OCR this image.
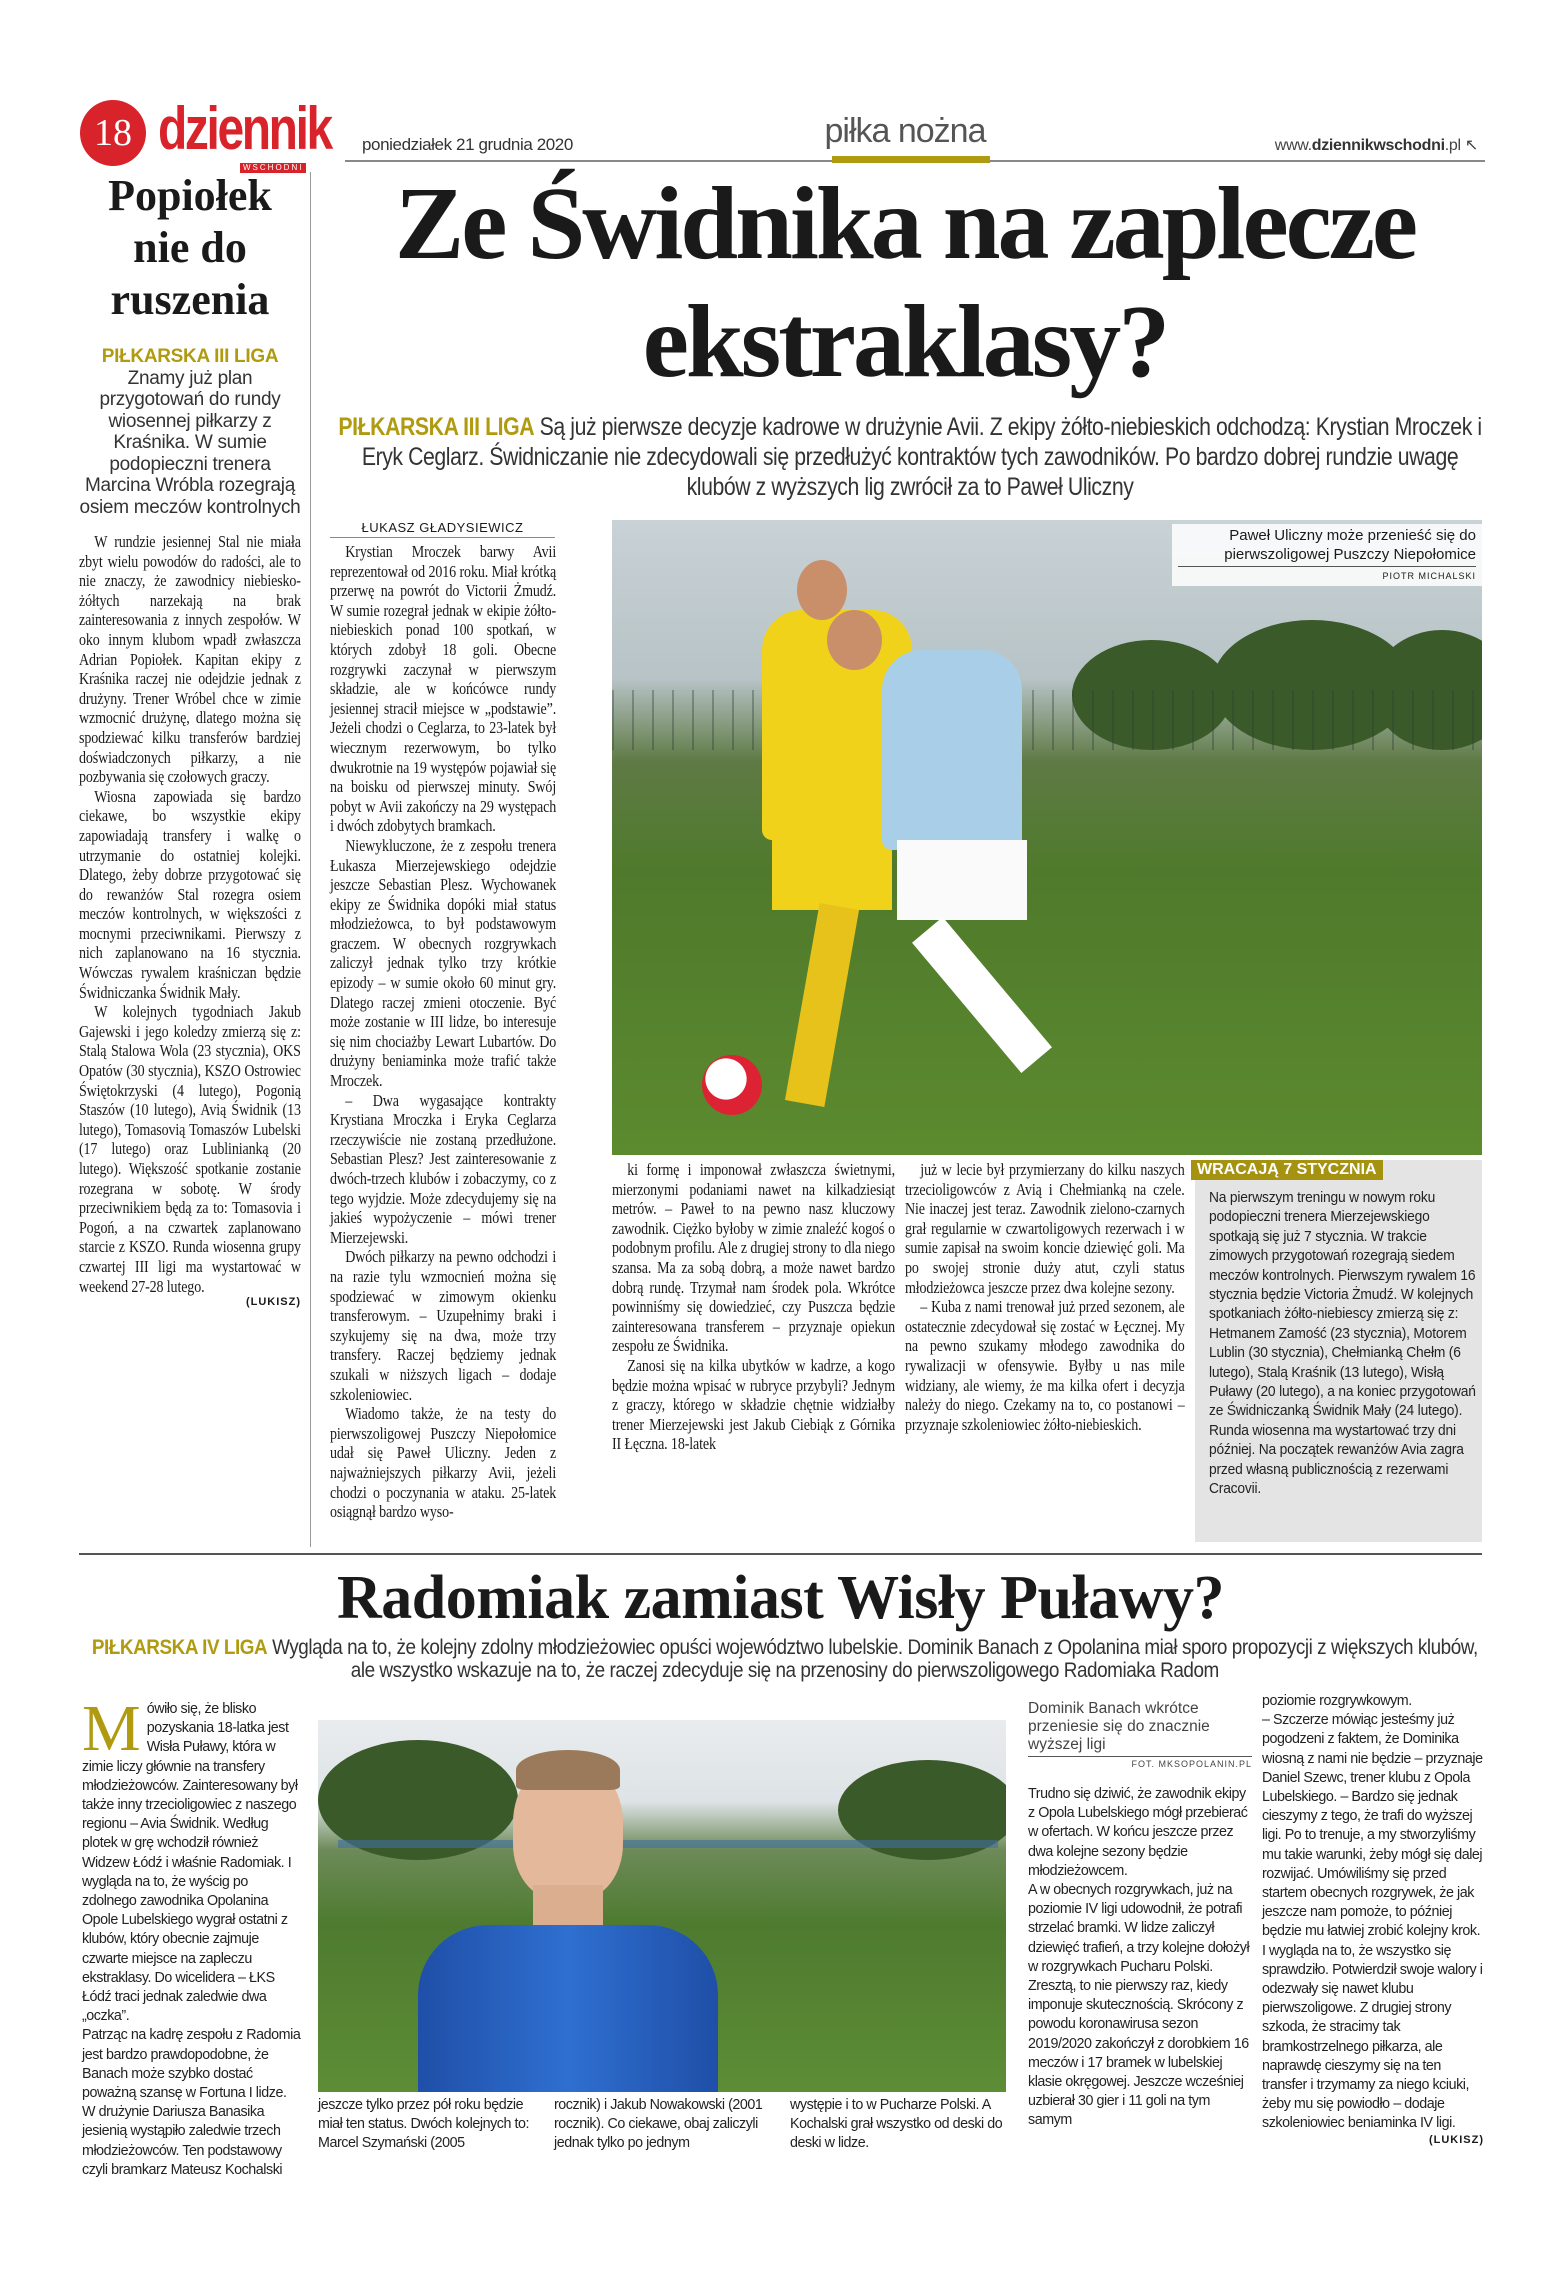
18 dziennik
WSCHODNI
poniedziałek 21 grudnia 2020	piłka nożna	www.dziennikwschodni.pl ↖
Popiołek nie do ruszenia
PIŁKARSKA III LIGA
Znamy już plan przygotowań do rundy wiosennej piłkarzy z Kraśnika. W sumie podopieczni trenera Marcina Wróbla rozegrają osiem meczów kontrolnych

W rundzie jesiennej Stal nie miała zbyt wielu powodów do radości, ale to nie znaczy, że zawodnicy niebiesko-żółtych narzekają na brak zainteresowania z innych zespołów. W oko innym klubom wpadł zwłaszcza Adrian Popiołek. Kapitan ekipy z Kraśnika raczej nie odejdzie jednak z drużyny. Trener Wróbel chce w zimie wzmocnić drużynę, dlatego można się spodziewać kilku transferów bardziej doświadczonych piłkarzy, a nie pozbywania się czołowych graczy.

Wiosna zapowiada się bardzo ciekawe, bo wszystkie ekipy zapowiadają transfery i walkę o utrzymanie do ostatniej kolejki. Dlatego, żeby dobrze przygotować się do rewanżów Stal rozegra osiem meczów kontrolnych, w większości z mocnymi przeciwnikami. Pierwszy z nich zaplanowano na 16 stycznia. Wówczas rywalem kraśniczan będzie Świdniczanka Świdnik Mały.

W kolejnych tygodniach Jakub Gajewski i jego koledzy zmierzą się z: Stalą Stalowa Wola (23 stycznia), OKS Opatów (30 stycznia), KSZO Ostrowiec Świętokrzyski (4 lutego), Pogonią Staszów (10 lutego), Avią Świdnik (13 lutego), Tomasovią Tomaszów Lubelski (17 lutego) oraz Lublinianką (20 lutego). Większość spotkanie zostanie rozegrana w sobotę. W środy przeciwnikiem będą za to: Tomasovia i Pogoń, a na czwartek zaplanowano starcie z KSZO. Runda wiosenna grupy czwartej III ligi ma wystartować w weekend 27-28 lutego.

(LUKISZ)
Ze Świdnika na zaplecze ekstraklasy?
PIŁKARSKA III LIGA Są już pierwsze decyzje kadrowe w drużynie Avii. Z ekipy żółto-niebieskich odchodzą: Krystian Mroczek i Eryk Ceglarz. Świdniczanie nie zdecydowali się przedłużyć kontraktów tych zawodników. Po bardzo dobrej rundzie uwagę klubów z wyższych lig zwrócił za to Paweł Uliczny
ŁUKASZ GŁADYSIEWICZ

Krystian Mroczek barwy Avii reprezentował od 2016 roku. Miał krótką przerwę na powrót do Victorii Żmudź. W sumie rozegrał jednak w ekipie żółto-niebieskich ponad 100 spotkań, w których zdobył 18 goli. Obecne rozgrywki zaczynał w pierwszym składzie, ale w końcówce rundy jesiennej stracił miejsce w „podstawie”. Jeżeli chodzi o Ceglarza, to 23-latek był wiecznym rezerwowym, bo tylko dwukrotnie na 19 występów pojawiał się na boisku od pierwszej minuty. Swój pobyt w Avii zakończy na 29 występach i dwóch zdobytych bramkach.

Niewykluczone, że z zespołu trenera Łukasza Mierzejewskiego odejdzie jeszcze Sebastian Plesz. Wychowanek ekipy ze Świdnika dopóki miał status młodzieżowca, to był podstawowym graczem. W obecnych rozgrywkach zaliczył jednak tylko trzy krótkie epizody – w sumie około 60 minut gry. Dlatego raczej zmieni otoczenie. Być może zostanie w III lidze, bo interesuje się nim chociażby Lewart Lubartów. Do drużyny beniaminka może trafić także Mroczek.

– Dwa wygasające kontrakty Krystiana Mroczka i Eryka Ceglarza rzeczywiście nie zostaną przedłużone. Sebastian Plesz? Jest zainteresowanie z dwóch-trzech klubów i zobaczymy, co z tego wyjdzie. Może zdecydujemy się na jakieś wypożyczenie – mówi trener Mierzejewski.

Dwóch piłkarzy na pewno odchodzi i na razie tylu wzmocnień można się spodziewać w zimowym okienku transferowym. – Uzupełnimy braki i szykujemy się na dwa, może trzy transfery. Raczej będziemy jednak szukali w niższych ligach – dodaje szkoleniowiec.

Wiadomo także, że na testy do pierwszoligowej Puszczy Niepołomice udał się Paweł Uliczny. Jeden z najważniejszych piłkarzy Avii, jeżeli chodzi o poczynania w ataku. 25-latek osiągnął bardzo wyso-

Paweł Uliczny może przenieść się do pierwszoligowej Puszczy Niepołomice
PIOTR MICHALSKI

ki formę i imponował zwłaszcza świetnymi, mierzonymi podaniami nawet na kilkadziesiąt metrów. – Paweł to na pewno nasz kluczowy zawodnik. Ciężko byłoby w zimie znaleźć kogoś o podobnym profilu. Ale z drugiej strony to dla niego szansa. Ma za sobą dobrą, a może nawet bardzo dobrą rundę. Trzymał nam środek pola. Wkrótce powinniśmy się dowiedzieć, czy Puszcza będzie zainteresowana transferem – przyznaje opiekun zespołu ze Świdnika.

Zanosi się na kilka ubytków w kadrze, a kogo będzie można wpisać w rubryce przybyli? Jednym z graczy, którego w składzie chętnie widziałby trener Mierzejewski jest Jakub Ciebiąk z Górnika II Łęczna. 18-latek

już w lecie był przymierzany do kilku naszych trzecioligowców z Avią i Chełmianką na czele. Nie inaczej jest teraz. Zawodnik zielono-czarnych grał regularnie w czwartoligowych rezerwach i w sumie zapisał na swoim koncie dziewięć goli. Ma po swojej stronie duży atut, czyli status młodzieżowca jeszcze przez dwa kolejne sezony.

– Kuba z nami trenował już przed sezonem, ale ostatecznie zdecydował się zostać w Łęcznej. My na pewno szukamy młodego zawodnika do rywalizacji w ofensywie. Byłby u nas mile widziany, ale wiemy, że ma kilka ofert i decyzja należy do niego. Czekamy na to, co postanowi – przyznaje szkoleniowiec żółto-niebieskich.

WRACAJĄ 7 STYCZNIA
Na pierwszym treningu w nowym roku podopieczni trenera Mierzejewskiego spotkają się już 7 stycznia. W trakcie zimowych przygotowań rozegrają siedem meczów kontrolnych. Pierwszym rywalem 16 stycznia będzie Victoria Żmudź. W kolejnych spotkaniach żółto-niebiescy zmierzą się z: Hetmanem Zamość (23 stycznia), Motorem Lublin (30 stycznia), Chełmianką Chełm (6 lutego), Stalą Kraśnik (13 lutego), Wisłą Puławy (20 lutego), a na koniec przygotowań ze Świdniczanką Świdnik Mały (24 lutego). Runda wiosenna ma wystartować trzy dni później. Na początek rewanżów Avia zagra przed własną publicznością z rezerwami Cracovii.
Radomiak zamiast Wisły Puławy?
PIŁKARSKA IV LIGA Wygląda na to, że kolejny zdolny młodzieżowiec opuści województwo lubelskie. Dominik Banach z Opolanina miał sporo propozycji z większych klubów, ale wszystko wskazuje na to, że raczej zdecyduje się na przenosiny do pierwszoligowego Radomiaka Radom
M ówiło się, że blisko pozyskania 18-latka jest Wisła Puławy, która w zimie liczy głównie na transfery młodzieżowców. Zainteresowany był także inny trzecioligowiec z naszego regionu – Avia Świdnik. Według plotek w grę wchodził również Widzew Łódź i właśnie Radomiak. I wygląda na to, że wyścig po zdolnego zawodnika Opolanina Opole Lubelskiego wygrał ostatni z klubów, który obecnie zajmuje czwarte miejsce na zapleczu ekstraklasy. Do wicelidera – ŁKS Łódź traci jednak zaledwie dwa „oczka”.

Patrząc na kadrę zespołu z Radomia jest bardzo prawdopodobne, że Banach może szybko dostać poważną szansę w Fortuna I lidze. W drużynie Dariusza Banasika jesienią wystąpiło zaledwie trzech młodzieżowców. Ten podstawowy czyli bramkarz Mateusz Kochalski

jeszcze tylko przez pół roku będzie miał ten status. Dwóch kolejnych to: Marcel Szymański (2005

rocznik) i Jakub Nowakowski (2001 rocznik). Co ciekawe, obaj zaliczyli jednak tylko po jednym

występie i to w Pucharze Polski. A Kochalski grał wszystko od deski do deski w lidze.

Dominik Banach wkrótce przeniesie się do znacznie wyższej ligi
FOT. MKSOPOLANIN.PL

Trudno się dziwić, że zawodnik ekipy z Opola Lubelskiego mógł przebierać w ofertach. W końcu jeszcze przez dwa kolejne sezony będzie młodzieżowcem.

A w obecnych rozgrywkach, już na poziomie IV ligi udowodnił, że potrafi strzelać bramki. W lidze zaliczył dziewięć trafień, a trzy kolejne dołożył w rozgrywkach Pucharu Polski.

Zresztą, to nie pierwszy raz, kiedy imponuje skutecznością. Skrócony z powodu koronawirusa sezon 2019/2020 zakończył z dorobkiem 16 meczów i 17 bramek w lubelskiej klasie okręgowej. Jeszcze wcześniej uzbierał 30 gier i 11 goli na tym samym

poziomie rozgrywkowym.

– Szczerze mówiąc jesteśmy już pogodzeni z faktem, że Dominika wiosną z nami nie będzie – przyznaje Daniel Szewc, trener klubu z Opola Lubelskiego. – Bardzo się jednak cieszymy z tego, że trafi do wyższej ligi. Po to trenuje, a my stworzyliśmy mu takie warunki, żeby mógł się dalej rozwijać. Umówiliśmy się przed startem obecnych rozgrywek, że jak jeszcze nam pomoże, to później będzie mu łatwiej zrobić kolejny krok.

I wygląda na to, że wszystko się sprawdziło. Potwierdził swoje walory i odezwały się nawet klubu pierwszoligowe. Z drugiej strony szkoda, że stracimy tak bramkostrzelnego piłkarza, ale naprawdę cieszymy się na ten transfer i trzymamy za niego kciuki, żeby mu się powiodło – dodaje szkoleniowiec beniaminka IV ligi.

(LUKISZ)
